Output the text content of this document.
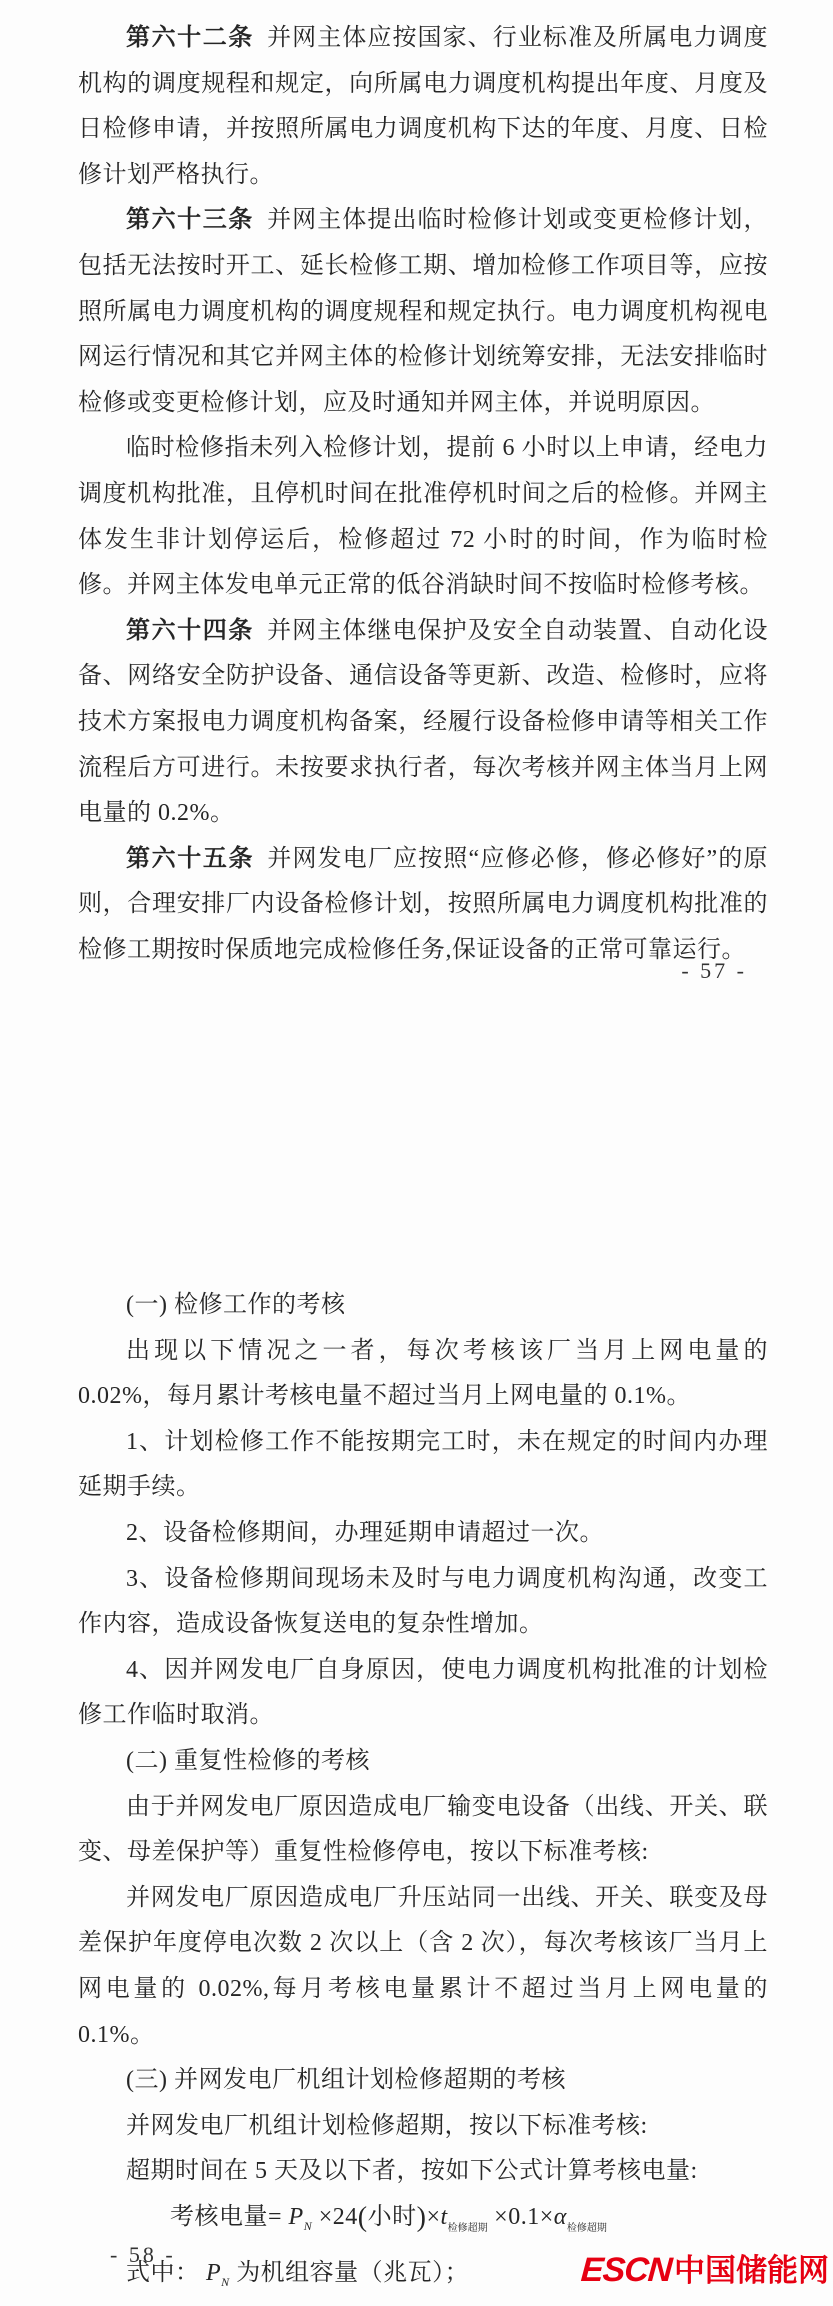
第六十二条 并网主体应按国家、行业标准及所属电力调度机构的调度规程和规定，向所属电力调度机构提出年度、月度及日检修申请，并按照所属电力调度机构下达的年度、月度、日检修计划严格执行。

第六十三条 并网主体提出临时检修计划或变更检修计划，包括无法按时开工、延长检修工期、增加检修工作项目等，应按照所属电力调度机构的调度规程和规定执行。电力调度机构视电网运行情况和其它并网主体的检修计划统筹安排，无法安排临时检修或变更检修计划，应及时通知并网主体，并说明原因。

临时检修指未列入检修计划，提前 6 小时以上申请，经电力调度机构批准，且停机时间在批准停机时间之后的检修。并网主体发生非计划停运后，检修超过 72 小时的时间，作为临时检修。并网主体发电单元正常的低谷消缺时间不按临时检修考核。

第六十四条 并网主体继电保护及安全自动装置、自动化设备、网络安全防护设备、通信设备等更新、改造、检修时，应将技术方案报电力调度机构备案，经履行设备检修申请等相关工作流程后方可进行。未按要求执行者，每次考核并网主体当月上网电量的 0.2%。

第六十五条 并网发电厂应按照“应修必修，修必修好”的原则，合理安排厂内设备检修计划，按照所属电力调度机构批准的检修工期按时保质地完成检修任务,保证设备的正常可靠运行。

- 57 -

(一) 检修工作的考核

出现以下情况之一者，每次考核该厂当月上网电量的 0.02%，每月累计考核电量不超过当月上网电量的 0.1%。

1、计划检修工作不能按期完工时，未在规定的时间内办理延期手续。

2、设备检修期间，办理延期申请超过一次。

3、设备检修期间现场未及时与电力调度机构沟通，改变工作内容，造成设备恢复送电的复杂性增加。

4、因并网发电厂自身原因，使电力调度机构批准的计划检修工作临时取消。

(二) 重复性检修的考核

由于并网发电厂原因造成电厂输变电设备（出线、开关、联变、母差保护等）重复性检修停电，按以下标准考核:

并网发电厂原因造成电厂升压站同一出线、开关、联变及母差保护年度停电次数 2 次以上（含 2 次），每次考核该厂当月上网电量的 0.02%,每月考核电量累计不超过当月上网电量的 0.1%。

(三) 并网发电厂机组计划检修超期的考核

并网发电厂机组计划检修超期，按以下标准考核:

超期时间在 5 天及以下者，按如下公式计算考核电量:

考核电量= $P_N \times 24$(小时)$\times t_{检修超期} \times 0.1\times\alpha_{检修超期}$

式中： $P_N$ 为机组容量（兆瓦）；

- 58 -	ESCN中国储能网
